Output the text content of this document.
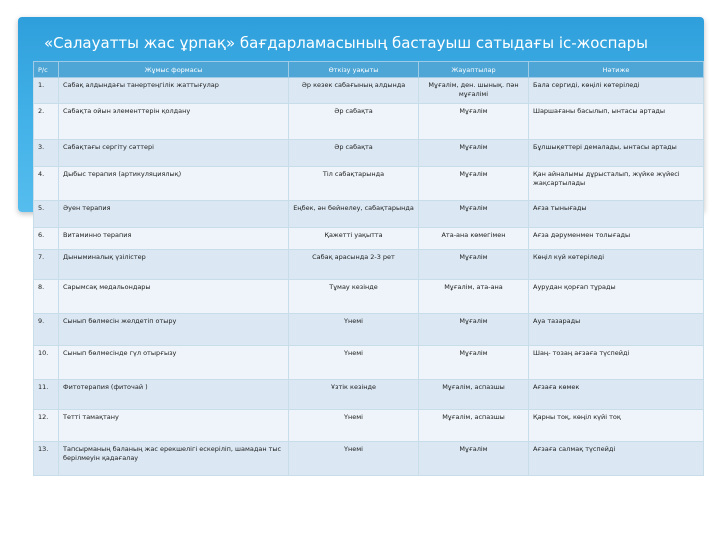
«Салауатты жас ұрпақ» бағдарламасының бастауыш сатыдағы іс-жоспары
Р/с	Жұмыс формасы	Өткізу уақыты	Жауаптылар	Нәтиже
1.	Сабақ алдындағы танертеңгілік жаттығулар	Әр кезек сабағының алдында	Мұғалім, ден. шынық. пән мұғалімі	Бала сергиді, көңілі көтеріледі
2.	Сабақта ойын элементтерін қолдану	Әр сабақта	Мұғалім	Шаршағаны басылып, ынтасы артады
3.	Сабақтағы сергіту сәттері	Әр сабақта	Мұғалім	Бұлшықеттері демалады, ынтасы артады
4.	Дыбыс терапия (артикуляциялық)	Тіл сабақтарында	Мұғалім	Қан айналымы дұрысталып, жүйке жүйесі жақсартылады
5.	Әуен терапия	Еңбек, ән бейнелеу, сабақтарында	Мұғалім	Ағза тынығады
6.	Витаминно терапия	Қажетті уақытта	Ата-ана көмегімен	Ағза дәруменмен толығады
7.	Дыныминалық үзілістер	Сабақ арасында 2-3 рет	Мұғалім	Көңіл күй көтеріледі
8.	Сарымсақ медальондары	Тұмау кезінде	Мұғалім, ата-ана	Аурудан қорғап тұрады
9.	Сынып бөлмесін желдетіп отыру	Үнемі	Мұғалім	Ауа тазарады
10.	Сынып бөлмесінде гүл отырғызу	Үнемі	Мұғалім	Шаң- тозаң ағзаға түспейді
11.	Фитотерапия (фиточай )	Ұзтік кезінде	Мұғалім, аспазшы	Ағзаға көмек
12.	Тетті тамақтану	Үнемі	Мұғалім, аспазшы	Қарны тоқ, көңіл күйі тоқ
13.	Тапсырманың баланың жас ерекшелігі ескеріліп, шамадан тыс берілмеуін қадағалау	Үнемі	Мұғалім	Ағзаға салмақ түспейді
